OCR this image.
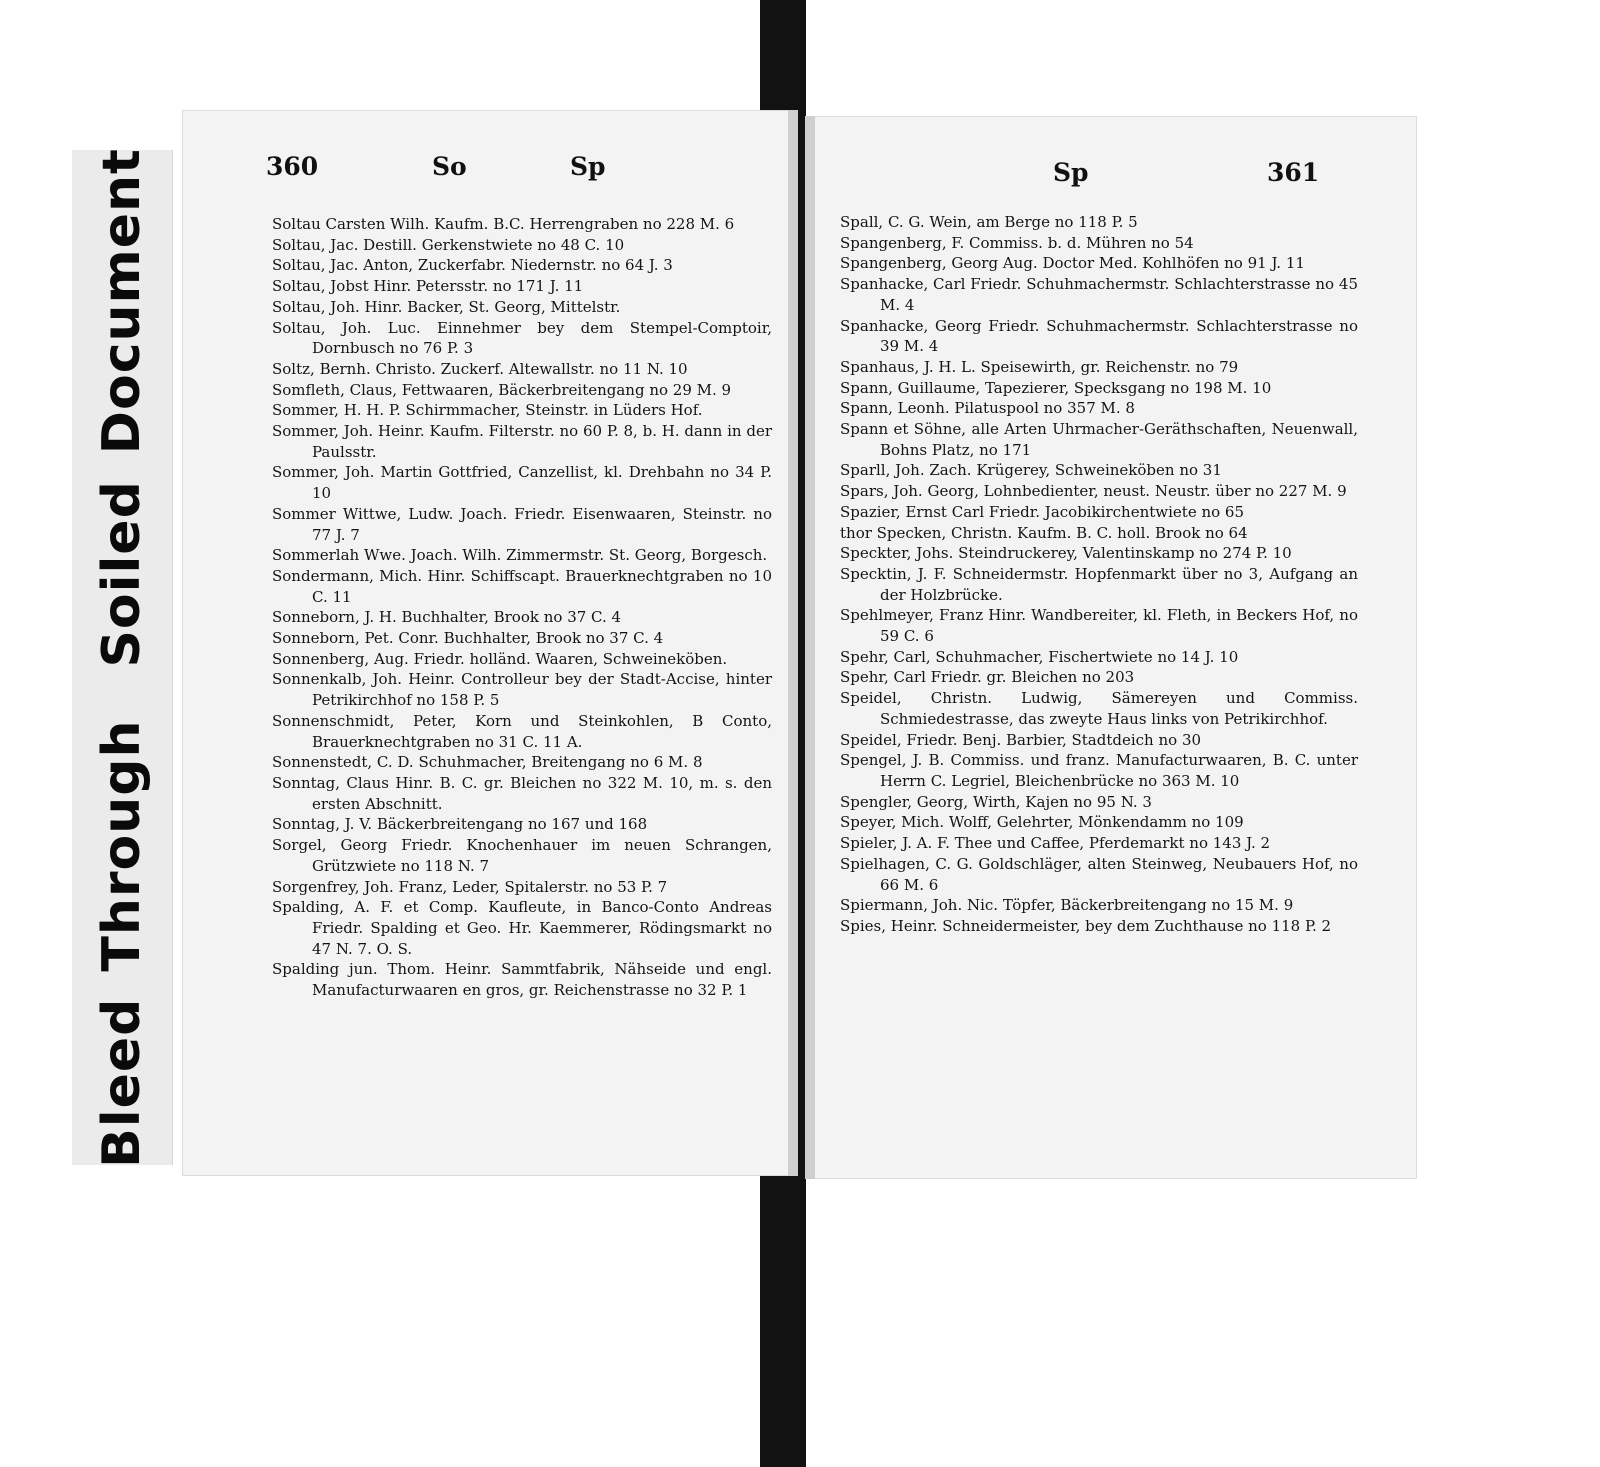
BleedThroughSoiledDocument	360	So	Sp
Soltau Carsten Wilh. Kaufm. B.C. Herrengraben no 228 M. 6
Soltau, Jac. Destill. Gerkenstwiete no 48 C. 10
Soltau, Jac. Anton, Zuckerfabr. Niedernstr. no 64 J. 3
Soltau, Jobst Hinr. Petersstr. no 171 J. 11
Soltau, Joh. Hinr. Backer, St. Georg, Mittelstr.
Soltau, Joh. Luc. Einnehmer bey dem Stempel-Comptoir, Dornbusch no 76 P. 3
Soltz, Bernh. Christo. Zuckerf. Altewallstr. no 11 N. 10
Somfleth, Claus, Fettwaaren, Bäckerbreitengang no 29 M. 9
Sommer, H. H. P. Schirmmacher, Steinstr. in Lüders Hof.
Sommer, Joh. Heinr. Kaufm. Filterstr. no 60 P. 8, b. H. dann in der Paulsstr.
Sommer, Joh. Martin Gottfried, Canzellist, kl. Drehbahn no 34 P. 10
Sommer Wittwe, Ludw. Joach. Friedr. Eisenwaaren, Steinstr. no 77 J. 7
Sommerlah Wwe. Joach. Wilh. Zimmermstr. St. Georg, Borgesch.
Sondermann, Mich. Hinr. Schiffscapt. Brauerknechtgraben no 10 C. 11
Sonneborn, J. H. Buchhalter, Brook no 37 C. 4
Sonneborn, Pet. Conr. Buchhalter, Brook no 37 C. 4
Sonnenberg, Aug. Friedr. holländ. Waaren, Schweineköben.
Sonnenkalb, Joh. Heinr. Controlleur bey der Stadt-Accise, hinter Petrikirchhof no 158 P. 5
Sonnenschmidt, Peter, Korn und Steinkohlen, B Conto, Brauerknechtgraben no 31 C. 11 A.
Sonnenstedt, C. D. Schuhmacher, Breitengang no 6 M. 8
Sonntag, Claus Hinr. B. C. gr. Bleichen no 322 M. 10, m. s. den ersten Abschnitt.
Sonntag, J. V. Bäckerbreitengang no 167 und 168
Sorgel, Georg Friedr. Knochenhauer im neuen Schrangen, Grützwiete no 118 N. 7
Sorgenfrey, Joh. Franz, Leder, Spitalerstr. no 53 P. 7
Spalding, A. F. et Comp. Kaufleute, in Banco-Conto Andreas Friedr. Spalding et Geo. Hr. Kaemmerer, Rödingsmarkt no 47 N. 7. O. S.
Spalding jun. Thom. Heinr. Sammtfabrik, Nähseide und engl. Manufacturwaaren en gros, gr. Reichenstrasse no 32 P. 1
Sp	361
Spall, C. G. Wein, am Berge no 118 P. 5
Spangenberg, F. Commiss. b. d. Mühren no 54
Spangenberg, Georg Aug. Doctor Med. Kohlhöfen no 91 J. 11
Spanhacke, Carl Friedr. Schuhmachermstr. Schlachterstrasse no 45 M. 4
Spanhacke, Georg Friedr. Schuhmachermstr. Schlachterstrasse no 39 M. 4
Spanhaus, J. H. L. Speisewirth, gr. Reichenstr. no 79
Spann, Guillaume, Tapezierer, Specksgang no 198 M. 10
Spann, Leonh. Pilatuspool no 357 M. 8
Spann et Söhne, alle Arten Uhrmacher-Geräthschaften, Neuenwall, Bohns Platz, no 171
Sparll, Joh. Zach. Krügerey, Schweineköben no 31
Spars, Joh. Georg, Lohnbedienter, neust. Neustr. über no 227 M. 9
Spazier, Ernst Carl Friedr. Jacobikirchentwiete no 65
thor Specken, Christn. Kaufm. B. C. holl. Brook no 64
Speckter, Johs. Steindruckerey, Valentinskamp no 274 P. 10
Specktin, J. F. Schneidermstr. Hopfenmarkt über no 3, Aufgang an der Holzbrücke.
Spehlmeyer, Franz Hinr. Wandbereiter, kl. Fleth, in Beckers Hof, no 59 C. 6
Spehr, Carl, Schuhmacher, Fischertwiete no 14 J. 10
Spehr, Carl Friedr. gr. Bleichen no 203
Speidel, Christn. Ludwig, Sämereyen und Commiss. Schmiedestrasse, das zweyte Haus links von Petrikirchhof.
Speidel, Friedr. Benj. Barbier, Stadtdeich no 30
Spengel, J. B. Commiss. und franz. Manufacturwaaren, B. C. unter Herrn C. Legriel, Bleichenbrücke no 363 M. 10
Spengler, Georg, Wirth, Kajen no 95 N. 3
Speyer, Mich. Wolff, Gelehrter, Mönkendamm no 109
Spieler, J. A. F. Thee und Caffee, Pferdemarkt no 143 J. 2
Spielhagen, C. G. Goldschläger, alten Steinweg, Neubauers Hof, no 66 M. 6
Spiermann, Joh. Nic. Töpfer, Bäckerbreitengang no 15 M. 9
Spies, Heinr. Schneidermeister, bey dem Zuchthause no 118 P. 2
